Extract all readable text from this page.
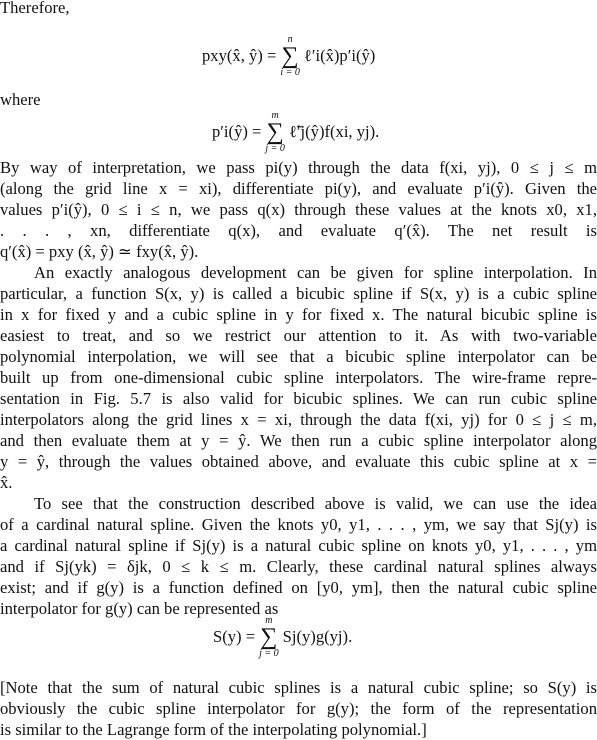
Therefore,
pxy(x̂, ŷ) =
n
∑
i = 0
ℓ′i(x̂)p′i(ŷ)
where
p′i(ŷ) =
m
∑
j = 0
ℓ̃′j(ŷ)f(xi, yj).
By way of interpretation, we pass pi(y) through the data f(xi, yj), 0 ≤ j ≤ m
(along the grid line x = xi), differentiate pi(y), and evaluate p′i(ŷ). Given the
values p′i(ŷ), 0 ≤ i ≤ n, we pass q(x) through these values at the knots x0, x1,
. . . , xn, differentiate q(x), and evaluate q′(x̂). The net result is
q′(x̂) = pxy (x̂, ŷ) ≃ fxy(x̂, ŷ).
An exactly analogous development can be given for spline interpolation. In
particular, a function S(x, y) is called a bicubic spline if S(x, y) is a cubic spline
in x for fixed y and a cubic spline in y for fixed x. The natural bicubic spline is
easiest to treat, and so we restrict our attention to it. As with two-variable
polynomial interpolation, we will see that a bicubic spline interpolator can be
built up from one-dimensional cubic spline interpolators. The wire-frame repre-
sentation in Fig. 5.7 is also valid for bicubic splines. We can run cubic spline
interpolators along the grid lines x = xi, through the data f(xi, yj) for 0 ≤ j ≤ m,
and then evaluate them at y = ŷ. We then run a cubic spline interpolator along
y = ŷ, through the values obtained above, and evaluate this cubic spline at x =
x̂.
To see that the construction described above is valid, we can use the idea
of a cardinal natural spline. Given the knots y0, y1, . . . , ym, we say that Sj(y) is
a cardinal natural spline if Sj(y) is a natural cubic spline on knots y0, y1, . . . , ym
and if Sj(yk) = δjk, 0 ≤ k ≤ m. Clearly, these cardinal natural splines always
exist; and if g(y) is a function defined on [y0, ym], then the natural cubic spline
interpolator for g(y) can be represented as
S(y) =
m
∑
j = 0
Sj(y)g(yj).
[Note that the sum of natural cubic splines is a natural cubic spline; so S(y) is
obviously the cubic spline interpolator for g(y); the form of the representation
is similar to the Lagrange form of the interpolating polynomial.]
